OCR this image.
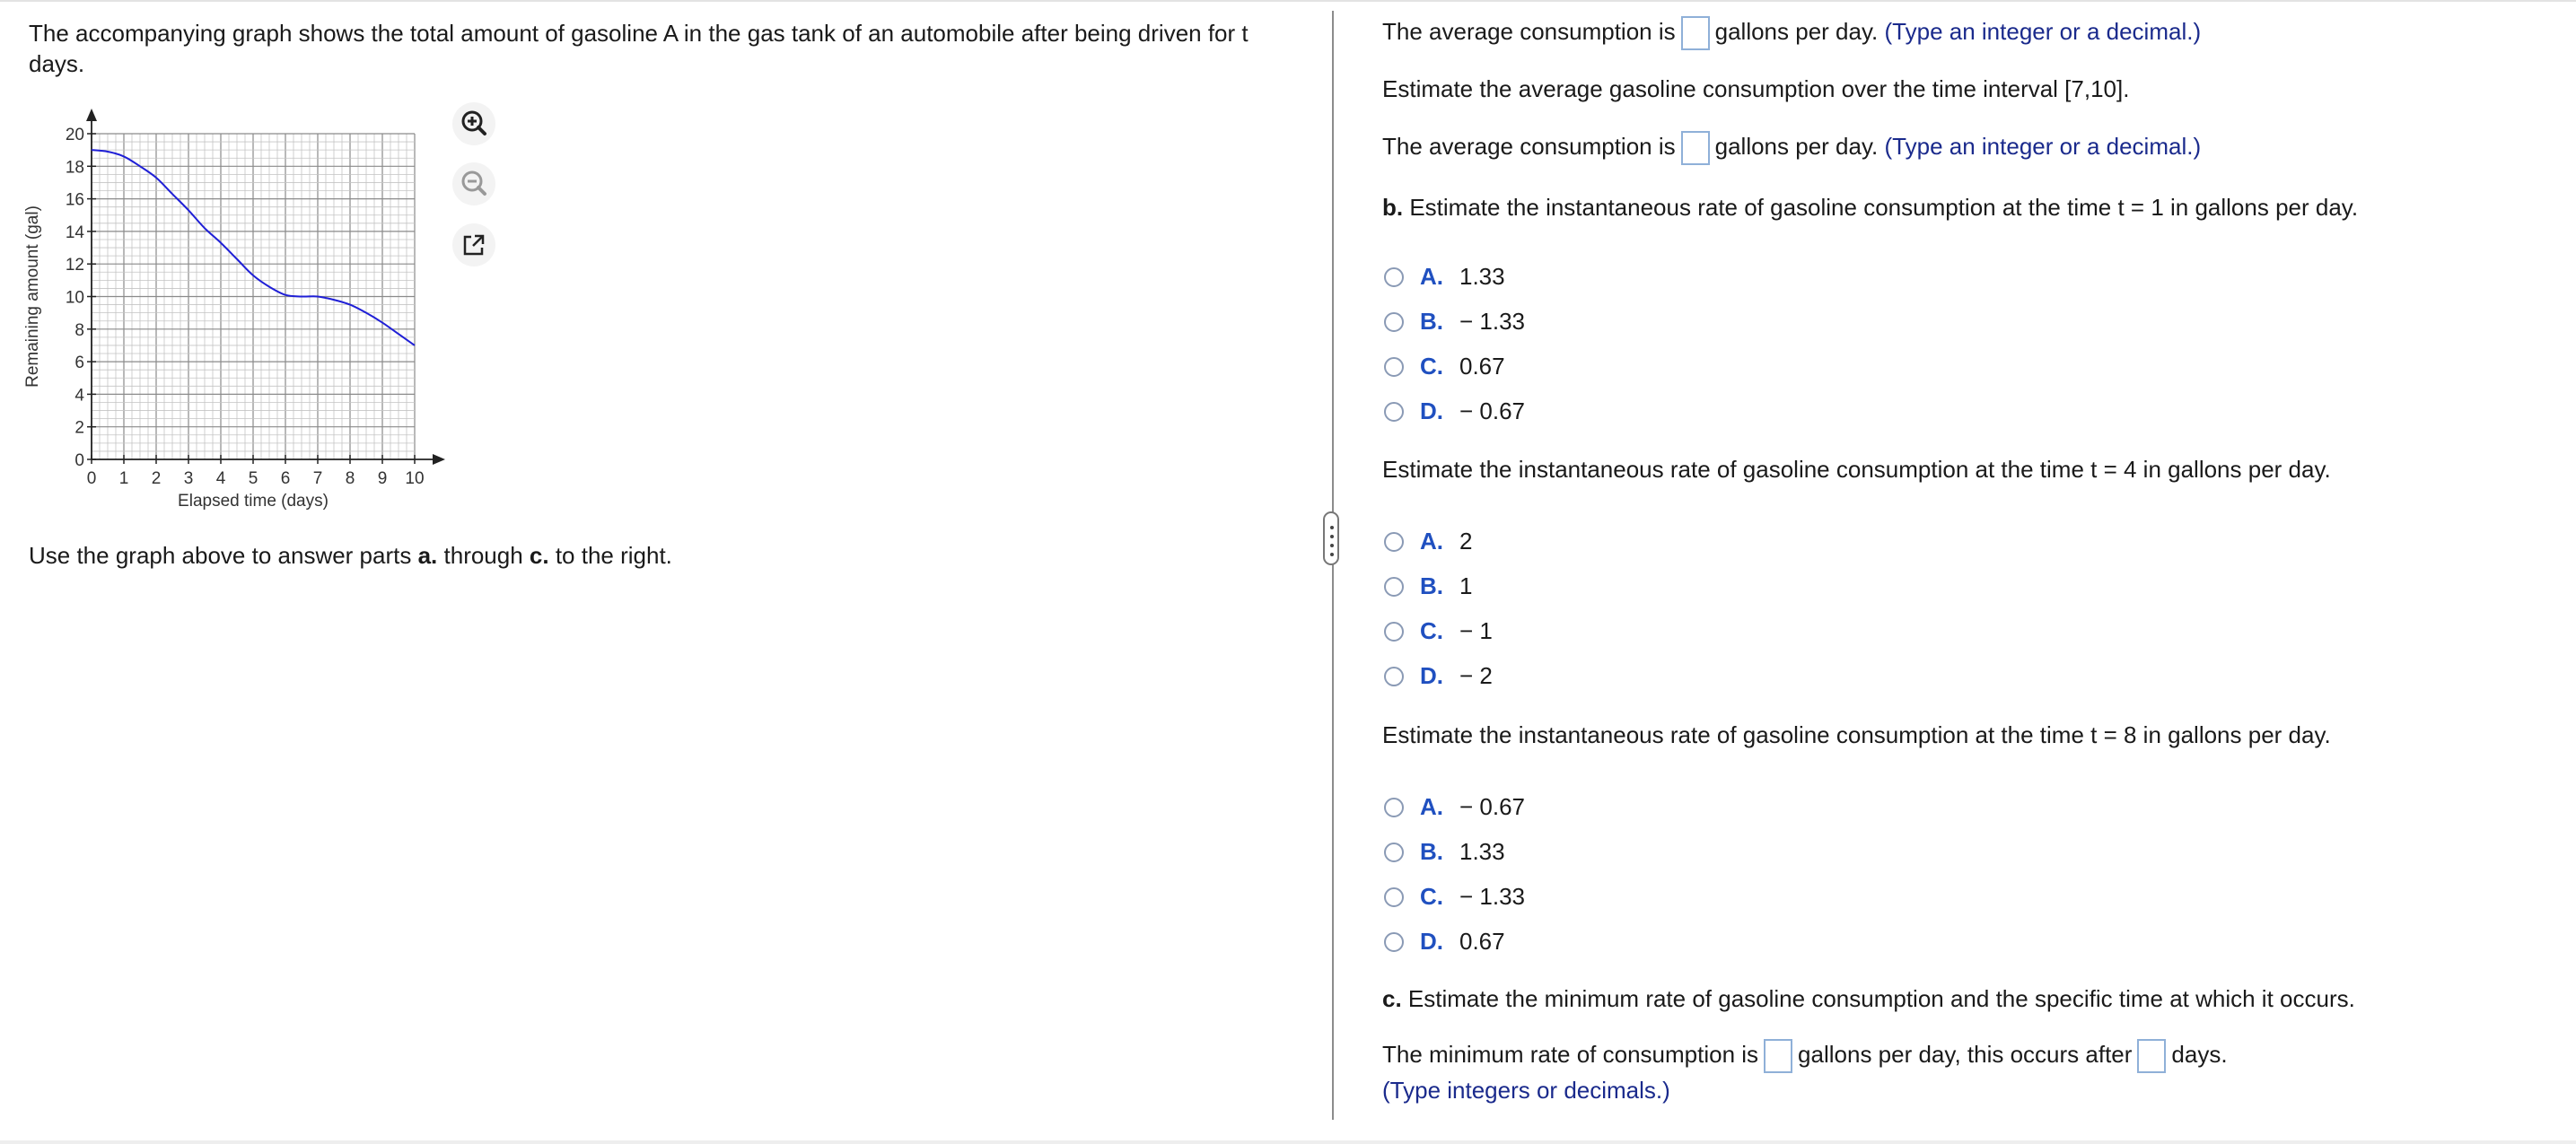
The accompanying graph shows the total amount of gasoline A in the gas tank of an automobile after being driven for t days.
0 1 2 3 4 5 6 7 8 9 10
0
2
4
6
8
10
12
14
16
18
20
Elapsed time (days)
Remaining amount (gal)
Use the graph above to answer parts a. through c. to the right.
The average consumption is gallons per day. (Type an integer or a decimal.)
Estimate the average gasoline consumption over the time interval [7,10].
The average consumption is gallons per day. (Type an integer or a decimal.)
b. Estimate the instantaneous rate of gasoline consumption at the time t = 1 in gallons per day.
A. 1.33
B. − 1.33
C. 0.67
D. − 0.67
Estimate the instantaneous rate of gasoline consumption at the time t = 4 in gallons per day.
A. 2
B. 1
C. − 1
D. − 2
Estimate the instantaneous rate of gasoline consumption at the time t = 8 in gallons per day.
A. − 0.67
B. 1.33
C. − 1.33
D. 0.67
c. Estimate the minimum rate of gasoline consumption and the specific time at which it occurs.
The minimum rate of consumption is gallons per day, this occurs after days.
(Type integers or decimals.)
